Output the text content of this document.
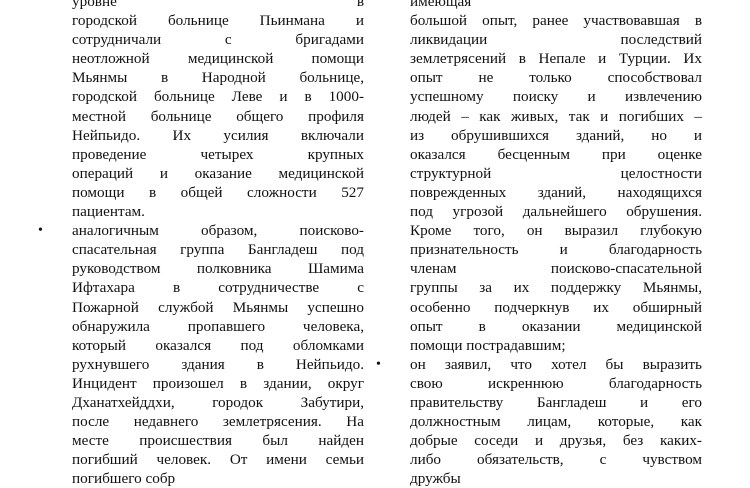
уровне в
городской больнице Пьинмана и
сотрудничали с бригадами
неотложной медицинской помощи
Мьянмы в Народной больнице,
городской больнице Леве и в 1000-
местной больнице общего профиля
Нейпьидо. Их усилия включали
проведение четырех крупных
операций и оказание медицинской
помощи в общей сложности 527
пациентам.
• аналогичным образом, поисково-
спасательная группа Бангладеш под
руководством полковника Шамима
Ифтахара в сотрудничестве с
Пожарной службой Мьянмы успешно
обнаружила пропавшего человека,
который оказался под обломками
рухнувшего здания в Нейпьидо.
Инцидент произошел в здании, округ
Дханатхейддхи, городок Забутири,
после недавнего землетрясения. На
месте происшествия был найден
погибший человек. От имени семьи
погибшего собр
имеющая
большой опыт, ранее участвовавшая в
ликвидации последствий
землетрясений в Непале и Турции. Их
опыт не только способствовал
успешному поиску и извлечению
людей – как живых, так и погибших –
из обрушившихся зданий, но и
оказался бесценным при оценке
структурной целостности
поврежденных зданий, находящихся
под угрозой дальнейшего обрушения.
Кроме того, он выразил глубокую
признательность и благодарность
членам поисково-спасательной
группы за их поддержку Мьянмы,
особенно подчеркнув их обширный
опыт в оказании медицинской
помощи пострадавшим;
• он заявил, что хотел бы выразить
свою искреннюю благодарность
правительству Бангладеш и его
должностным лицам, которые, как
добрые соседи и друзья, без каких-
либо обязательств, с чувством
дружбы
